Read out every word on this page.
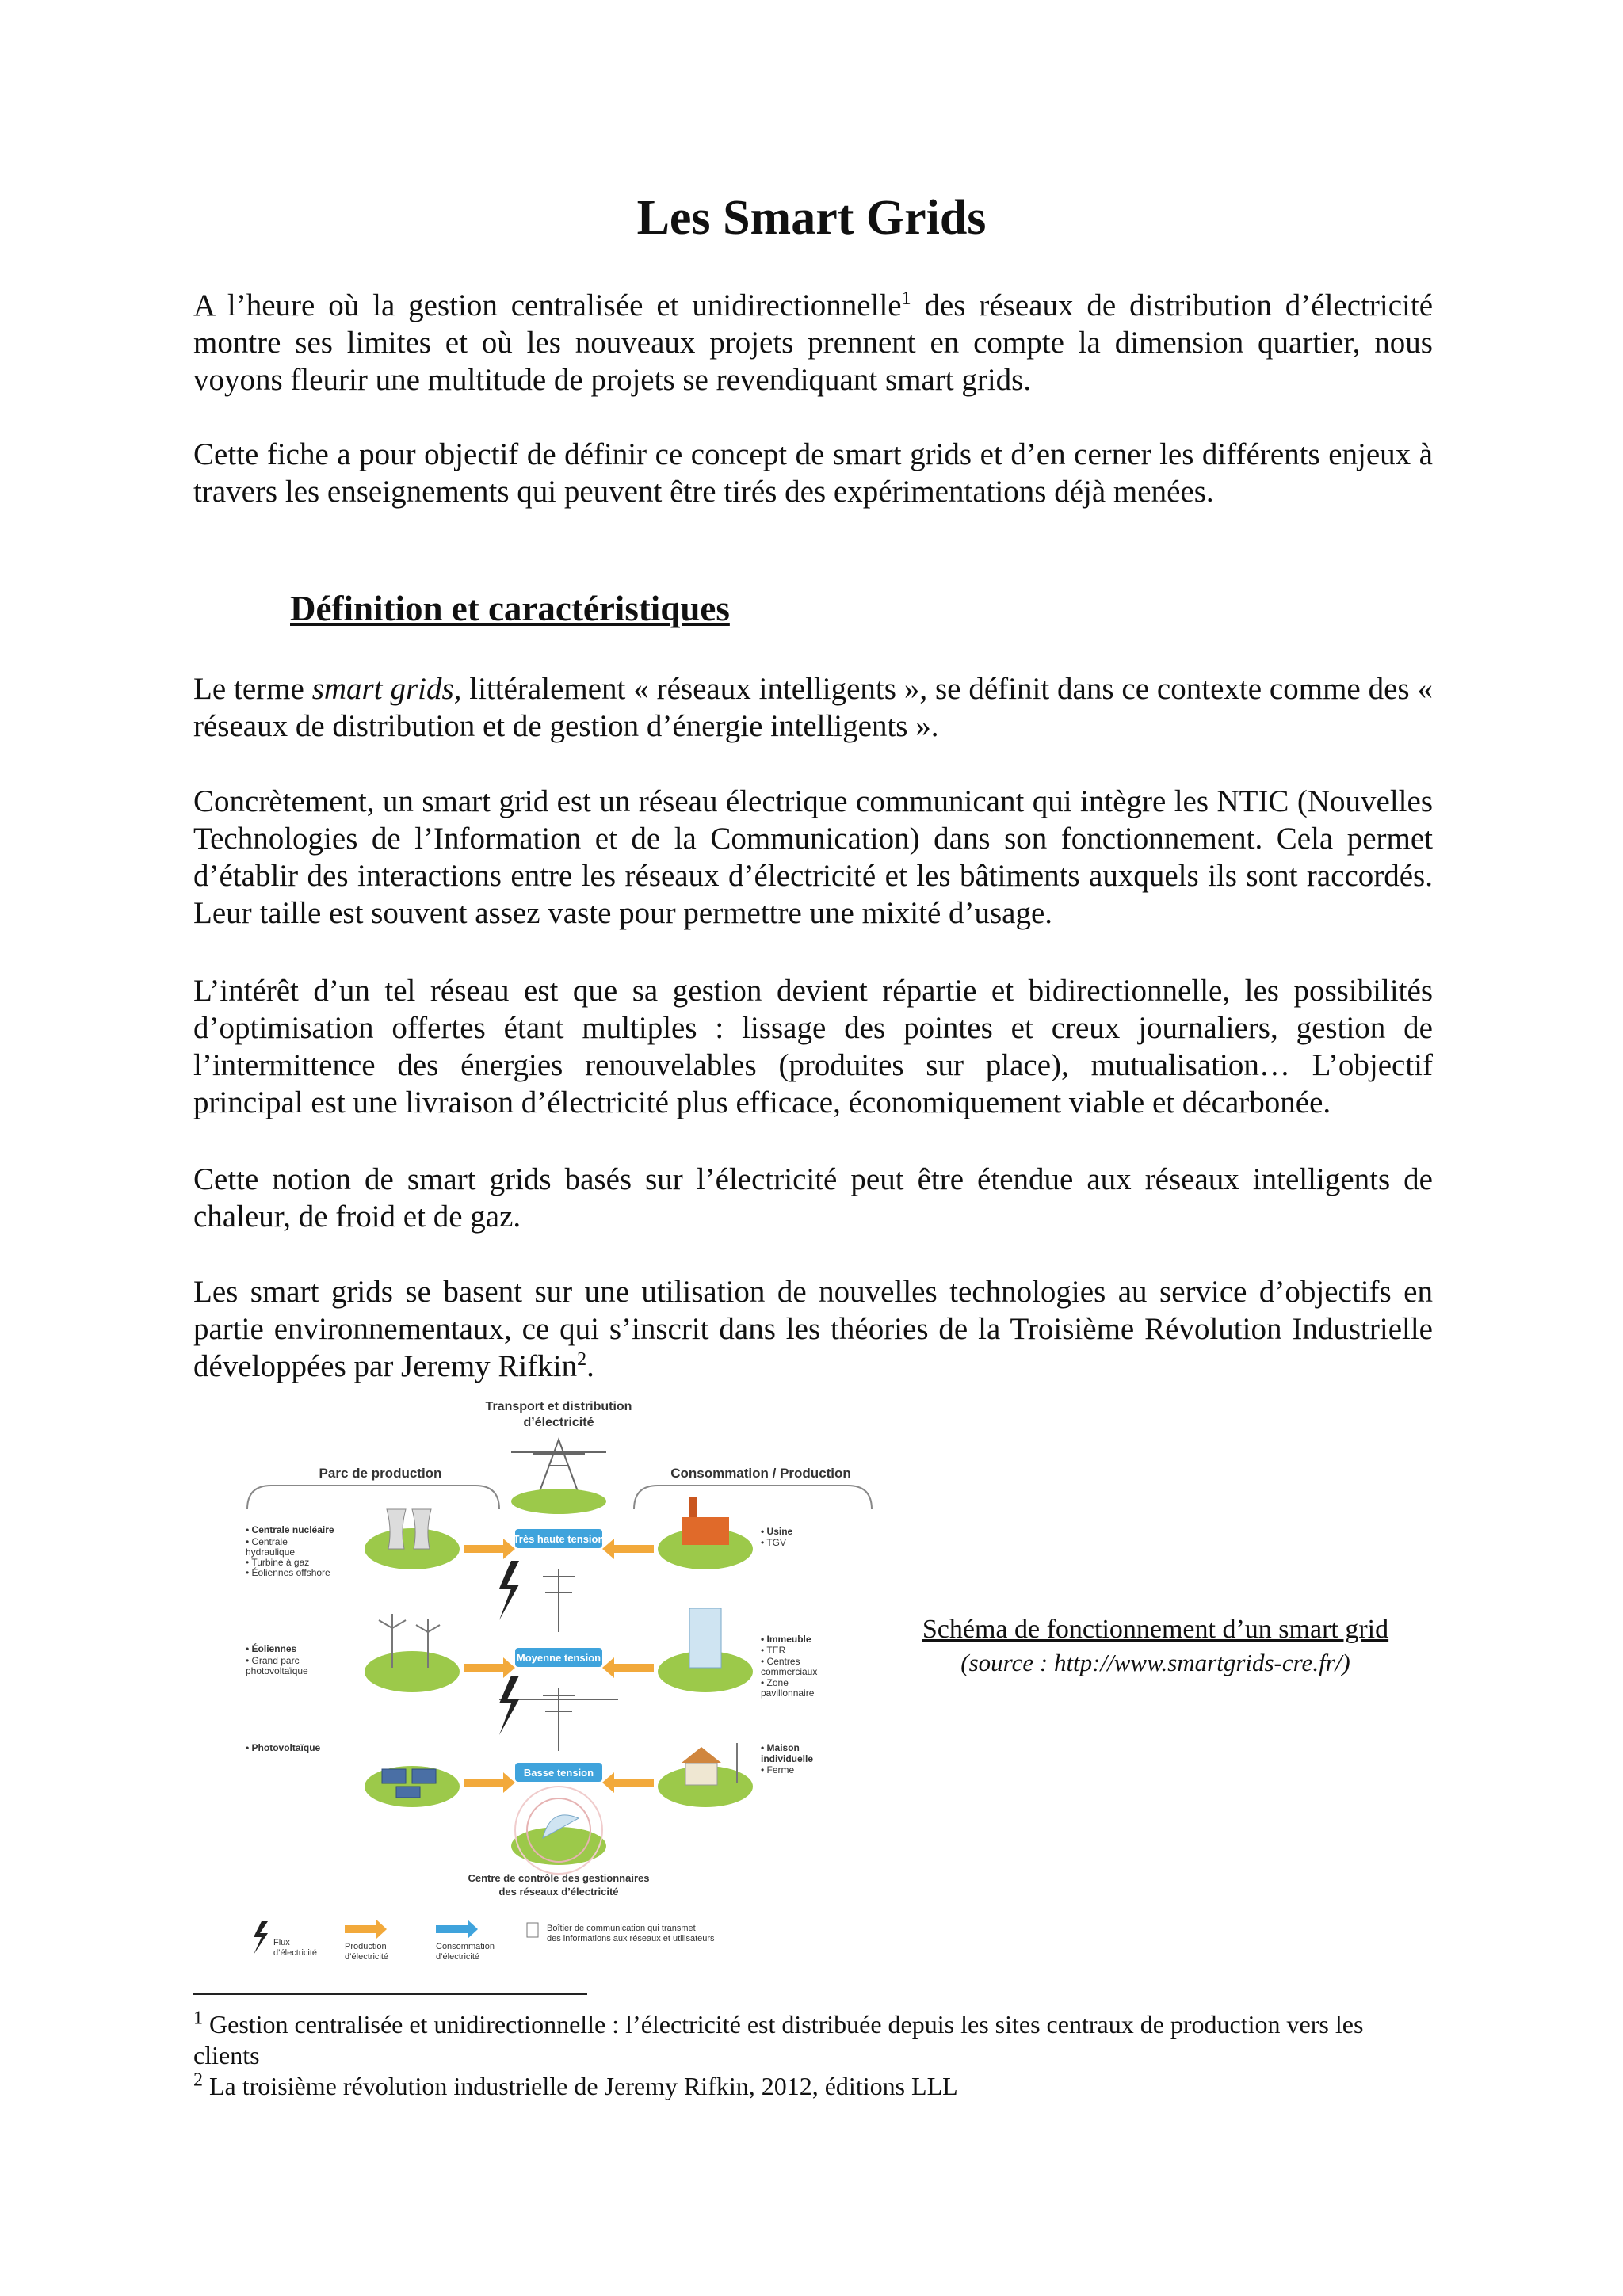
Les Smart Grids
A l’heure où la gestion centralisée et unidirectionnelle$^1$ des réseaux de distribution d’électricité montre ses limites et où les nouveaux projets prennent en compte la dimension quartier, nous voyons fleurir une multitude de projets se revendiquant smart grids.
Cette fiche a pour objectif de définir ce concept de smart grids et d’en cerner les différents enjeux à travers les enseignements qui peuvent être tirés des expérimentations déjà menées.
Définition et caractéristiques
Le terme smart grids, littéralement « réseaux intelligents », se définit dans ce contexte comme des « réseaux de distribution et de gestion d’énergie intelligents ».
Concrètement, un smart grid est un réseau électrique communicant qui intègre les NTIC (Nouvelles Technologies de l’Information et de la Communication) dans son fonctionnement. Cela permet d’établir des interactions entre les réseaux d’électricité et les bâtiments auxquels ils sont raccordés. Leur taille est souvent assez vaste pour permettre une mixité d’usage.
L’intérêt d’un tel réseau est que sa gestion devient répartie et bidirectionnelle, les possibilités d’optimisation offertes étant multiples : lissage des pointes et creux journaliers, gestion de l’intermittence des énergies renouvelables (produites sur place), mutualisation… L’objectif principal est une livraison d’électricité plus efficace, économiquement viable et décarbonée.
Cette notion de smart grids basés sur l’électricité peut être étendue aux réseaux intelligents de chaleur, de froid et de gaz.
Les smart grids se basent sur une utilisation de nouvelles technologies au service d’objectifs en partie environnementaux, ce qui s’inscrit dans les théories de la Troisième Révolution Industrielle développées par Jeremy Rifkin$^2$.
Transport et distribution
d’électricité
Parc de production	Consommation / Production
Très haute tension
Moyenne tension
Basse tension
• Centrale nucléaire
• Centrale
hydraulique
• Turbine à gaz
• Éoliennes offshore
• Éoliennes
• Grand parc
photovoltaïque
• Photovoltaïque
• Usine
• TGV
• Immeuble
• TER
• Centres
commerciaux
• Zone
pavillonnaire
• Maison
individuelle
• Ferme
Centre de contrôle des gestionnaires
des réseaux d’électricité
Flux
d’électricité
Production
d’électricité
Consommation
d’électricité
Boîtier de communication qui transmet
des informations aux réseaux et utilisateurs
Schéma de fonctionnement d’un smart grid
(source : http://www.smartgrids-cre.fr/)
$^1$ Gestion centralisée et unidirectionnelle : l’électricité est distribuée depuis les sites centraux de production vers les clients
$^2$ La troisième révolution industrielle de Jeremy Rifkin, 2012, éditions LLL
